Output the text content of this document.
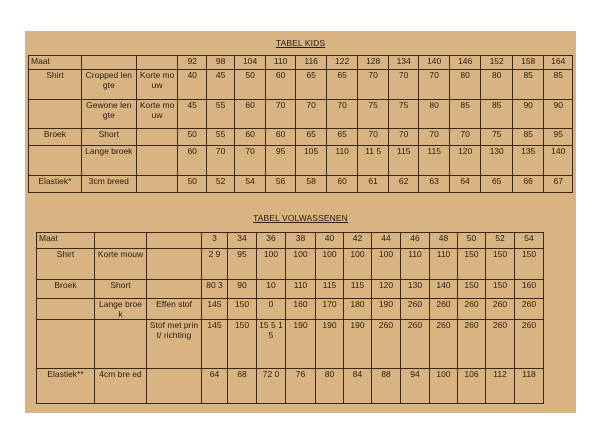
TABEL KIDS
Maat			92	98	104	110	116	122	128	134	140	146	152	158	164
Shirt	Cropped lengte	Korte mouw	40	45	50	60	65	65	70	70	70	80	80	85	85
	Gewone lengte	Korte mouw	45	55	60	70	70	70	75	75	80	85	85	90	90
Broek	Short		50	55	60	60	65	65	70	70	70	70	75	85	95
	Lange broek		60	70	70	95	105	110	11 5	115	115	120	130	135	140
Elastiek*	3cm breed		50	52	54	56	58	60	61	62	63	64	65	66	67
TABEL VOLWASSENEN
Maat			3	34	36	38	40	42	44	46	48	50	52	54
Shirt	Korte mouw		2 9	95	100	100	100	100	100	110	110	150	150	150
Broek	Short		80 3	90	10	110	115	115	120	130	140	150	150	160
	Lange broek	Effen stof	145	150	0	160	170	180	190	260	260	260	260	260
		Stof met print/ richting	145	150	15 5 15	190	190	190	260	260	260	260	260	260
Elastiek**	4cm bre ed		64	68	72 0	76	80	84	88	94	100	106	112	118
